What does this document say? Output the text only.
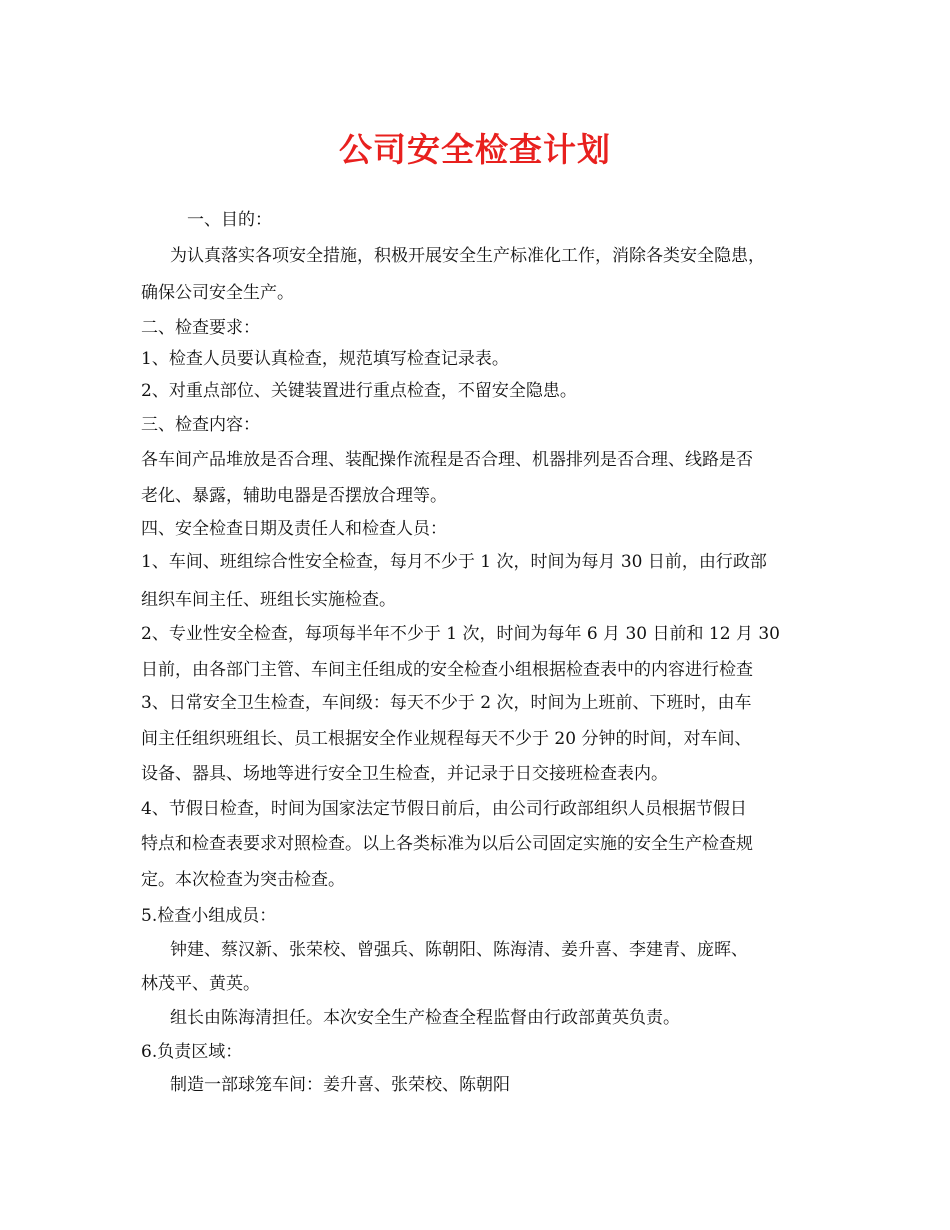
公司安全检查计划
一、目的：
为认真落实各项安全措施，积极开展安全生产标准化工作，消除各类安全隐患，
确保公司安全生产。
二、检查要求：
1、检查人员要认真检查，规范填写检查记录表。
2、对重点部位、关键装置进行重点检查，不留安全隐患。
三、检查内容：
各车间产品堆放是否合理、装配操作流程是否合理、机器排列是否合理、线路是否
老化、暴露，辅助电器是否摆放合理等。
四、安全检查日期及责任人和检查人员：
1、车间、班组综合性安全检查，每月不少于 1 次，时间为每月 30 日前，由行政部
组织车间主任、班组长实施检查。
2、专业性安全检查，每项每半年不少于 1 次，时间为每年 6 月 30 日前和 12 月 30
日前，由各部门主管、车间主任组成的安全检查小组根据检查表中的内容进行检查
3、日常安全卫生检查，车间级：每天不少于 2 次，时间为上班前、下班时，由车
间主任组织班组长、员工根据安全作业规程每天不少于 20 分钟的时间，对车间、
设备、器具、场地等进行安全卫生检查，并记录于日交接班检查表内。
4、节假日检查，时间为国家法定节假日前后，由公司行政部组织人员根据节假日
特点和检查表要求对照检查。以上各类标准为以后公司固定实施的安全生产检查规
定。本次检查为突击检查。
5.检查小组成员：
钟建、蔡汉新、张荣校、曾强兵、陈朝阳、陈海清、姜升喜、李建青、庞晖、
林茂平、黄英。
组长由陈海清担任。本次安全生产检查全程监督由行政部黄英负责。
6.负责区域：
制造一部球笼车间：姜升喜、张荣校、陈朝阳
